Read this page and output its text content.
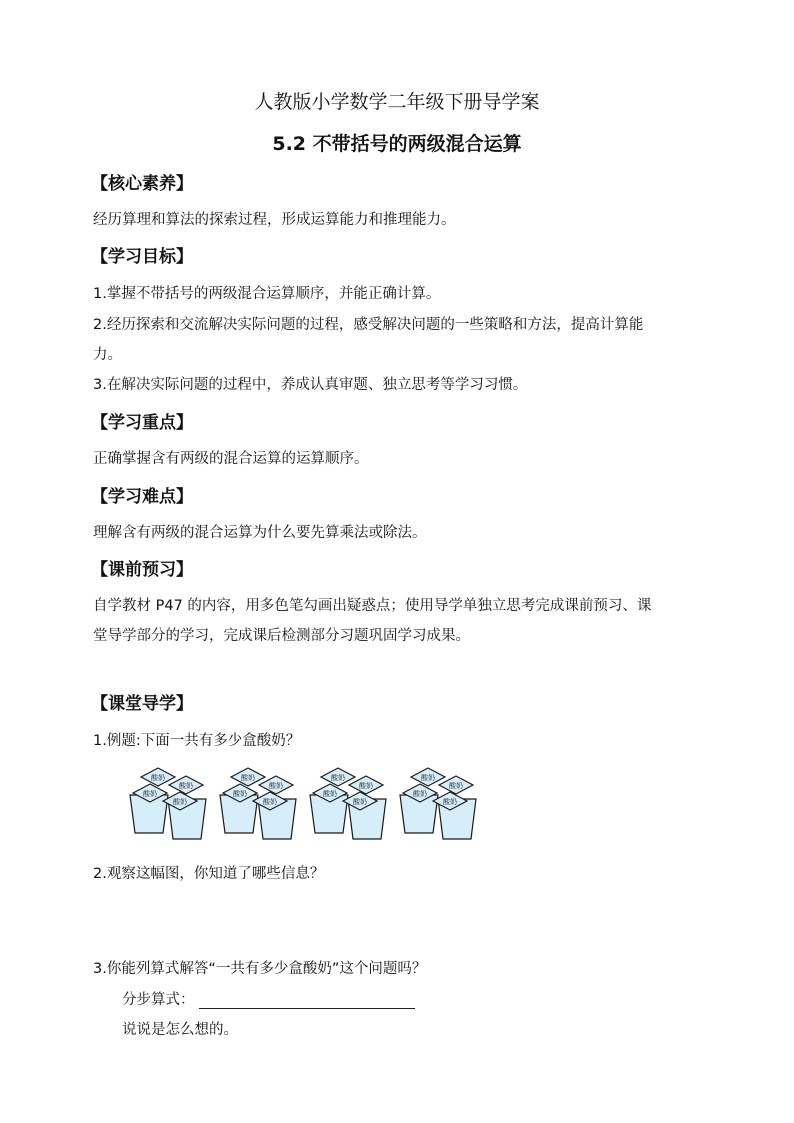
人教版小学数学二年级下册导学案
5.2 不带括号的两级混合运算
【核心素养】
经历算理和算法的探索过程，形成运算能力和推理能力。
【学习目标】
1.掌握不带括号的两级混合运算顺序，并能正确计算。
2.经历探索和交流解决实际问题的过程，感受解决问题的一些策略和方法，提高计算能
力。
3.在解决实际问题的过程中，养成认真审题、独立思考等学习习惯。
【学习重点】
正确掌握含有两级的混合运算的运算顺序。
【学习难点】
理解含有两级的混合运算为什么要先算乘法或除法。
【课前预习】
自学教材 P47 的内容，用多色笔勾画出疑惑点；使用导学单独立思考完成课前预习、课
堂导学部分的学习，完成课后检测部分习题巩固学习成果。
【课堂导学】
1.例题:下面一共有多少盒酸奶？
酸奶
酸奶
酸奶
酸奶
酸奶
酸奶
酸奶
酸奶
酸奶
酸奶
酸奶
酸奶
酸奶
酸奶
酸奶
酸奶
2.观察这幅图，你知道了哪些信息？
3.你能列算式解答“一共有多少盒酸奶”这个问题吗？
分步算式：
说说是怎么想的。
